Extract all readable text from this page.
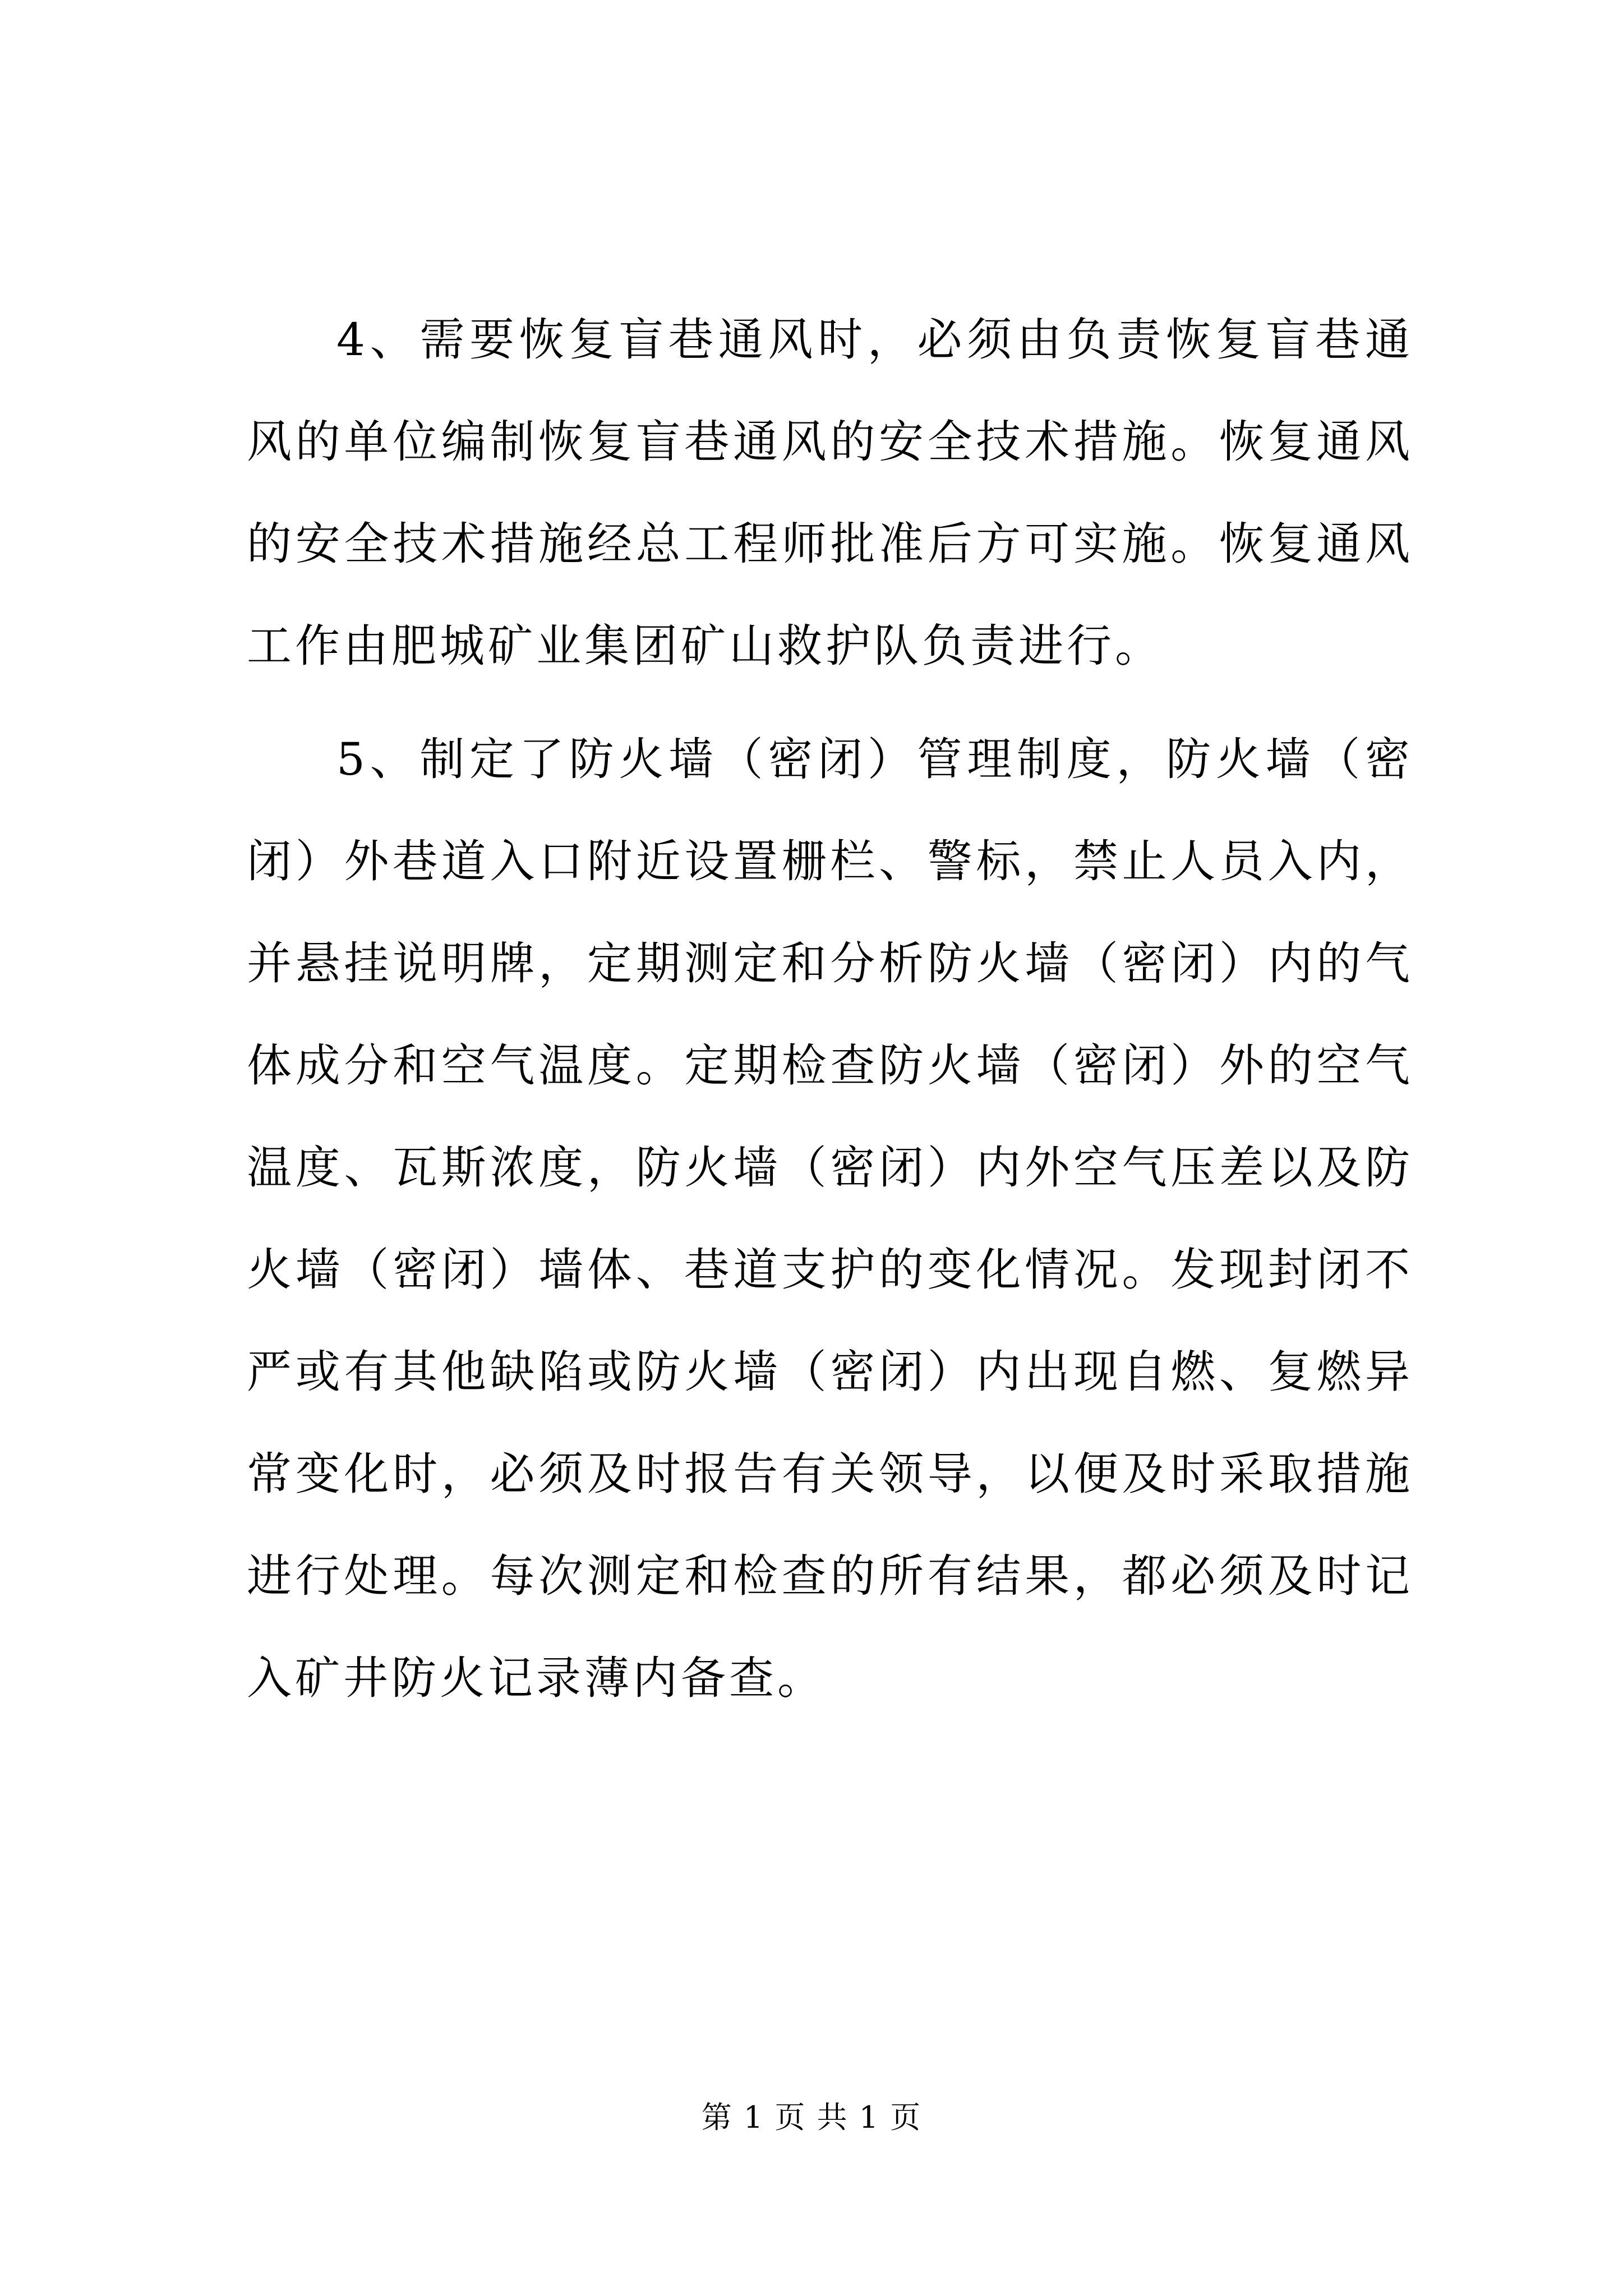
4、需要恢复盲巷通风时，必须由负责恢复盲巷通风的单位编制恢复盲巷通风的安全技术措施。恢复通风的安全技术措施经总工程师批准后方可实施。恢复通风工作由肥城矿业集团矿山救护队负责进行。

5、制定了防火墙（密闭）管理制度，防火墙（密闭）外巷道入口附近设置栅栏、警标，禁止人员入内，并悬挂说明牌，定期测定和分析防火墙（密闭）内的气体成分和空气温度。定期检查防火墙（密闭）外的空气温度、瓦斯浓度，防火墙（密闭）内外空气压差以及防火墙（密闭）墙体、巷道支护的变化情况。发现封闭不严或有其他缺陷或防火墙（密闭）内出现自燃、复燃异常变化时，必须及时报告有关领导，以便及时采取措施进行处理。每次测定和检查的所有结果，都必须及时记入矿井防火记录薄内备查。

第 1 页 共 1 页
